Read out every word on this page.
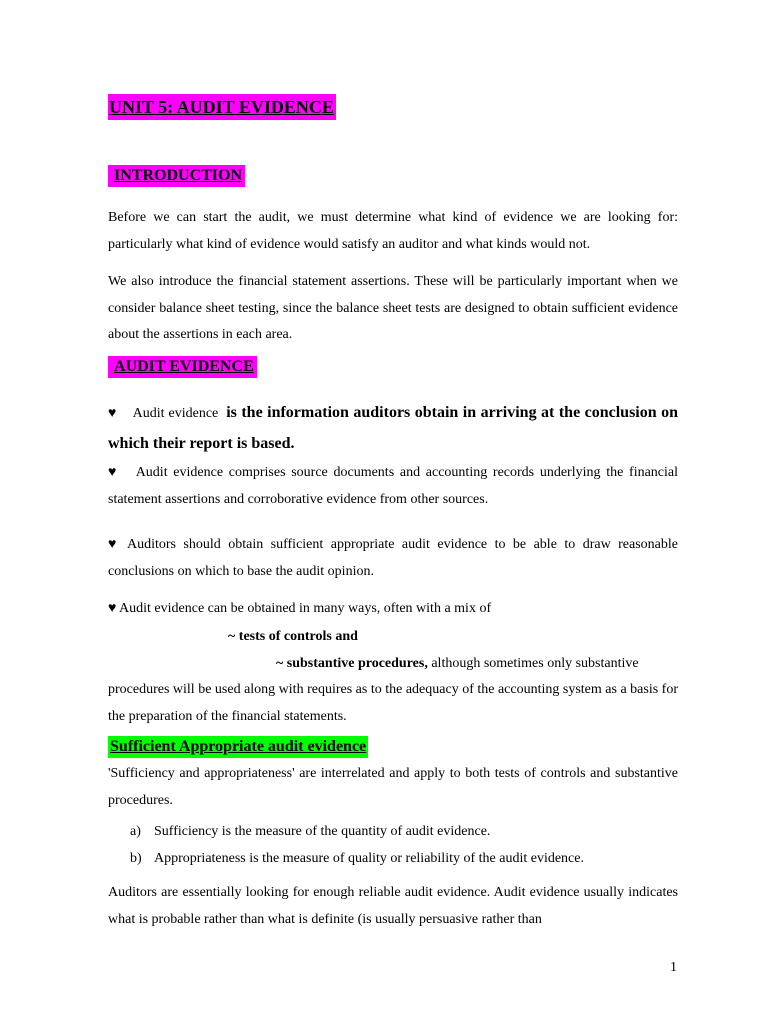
UNIT 5: AUDIT EVIDENCE
INTRODUCTION

Before we can start the audit, we must determine what kind of evidence we are looking for: particularly what kind of evidence would satisfy an auditor and what kinds would not.

We also introduce the financial statement assertions. These will be particularly important when we consider balance sheet testing, since the balance sheet tests are designed to obtain sufficient evidence about the assertions in each area.

AUDIT EVIDENCE

♥ Audit evidence is the information auditors obtain in arriving at the conclusion on which their report is based.

♥ Audit evidence comprises source documents and accounting records underlying the financial statement assertions and corroborative evidence from other sources.

♥ Auditors should obtain sufficient appropriate audit evidence to be able to draw reasonable conclusions on which to base the audit opinion.

♥ Audit evidence can be obtained in many ways, often with a mix of
~ tests of controls and
~ substantive procedures, although sometimes only substantive

procedures will be used along with requires as to the adequacy of the accounting system as a basis for the preparation of the financial statements.

Sufficient Appropriate audit evidence

'Sufficiency and appropriateness' are interrelated and apply to both tests of controls and substantive procedures.

a) Sufficiency is the measure of the quantity of audit evidence.
b) Appropriateness is the measure of quality or reliability of the audit evidence.

Auditors are essentially looking for enough reliable audit evidence. Audit evidence usually indicates what is probable rather than what is definite (is usually persuasive rather than

1
